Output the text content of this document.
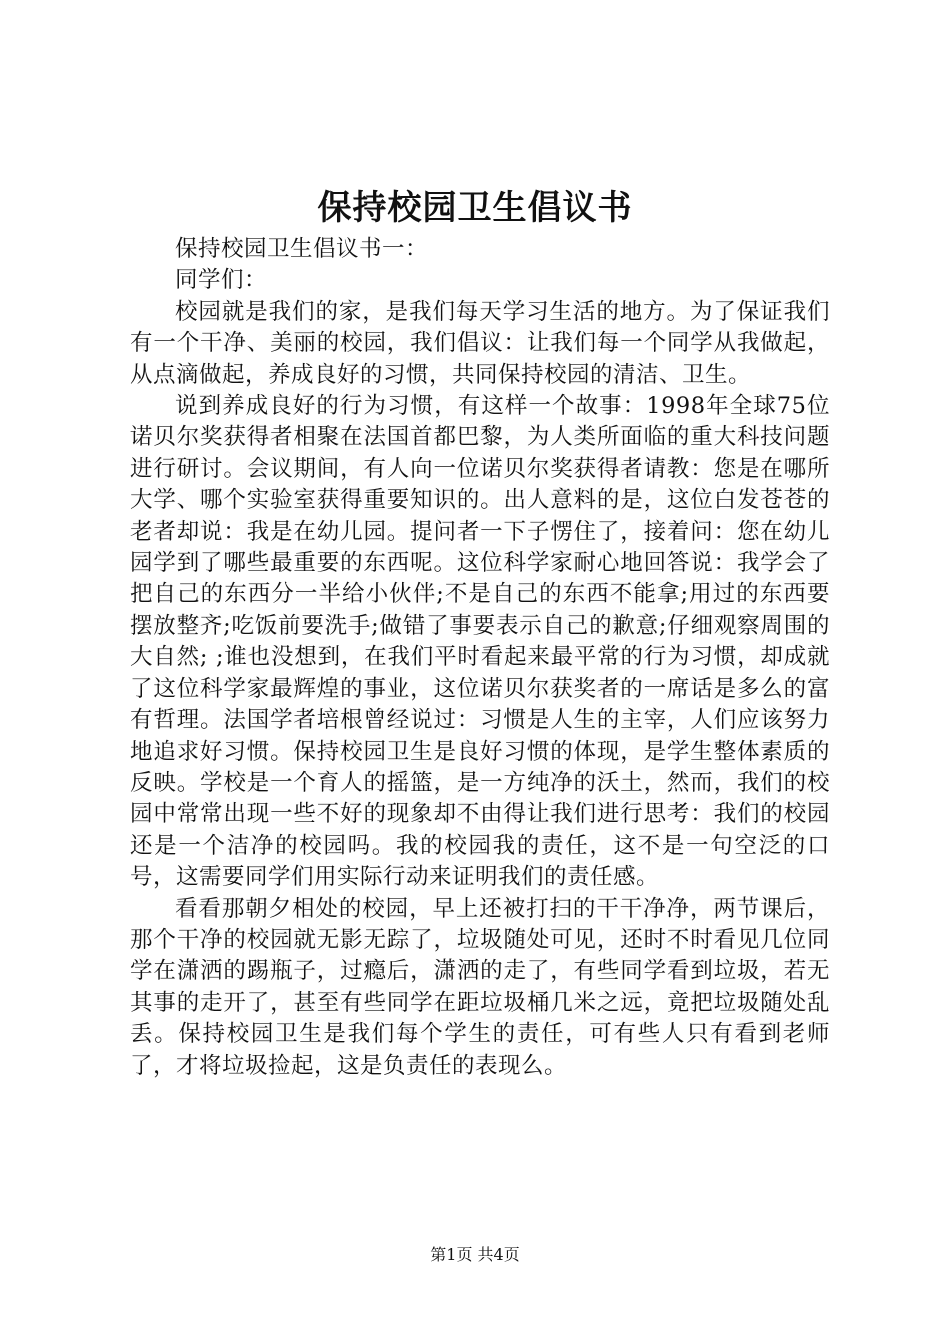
保持校园卫生倡议书

保持校园卫生倡议书一：

同学们：

校园就是我们的家，是我们每天学习生活的地方。为了保证我们有一个干净、美丽的校园，我们倡议：让我们每一个同学从我做起，从点滴做起，养成良好的习惯，共同保持校园的清洁、卫生。

说到养成良好的行为习惯，有这样一个故事：1998年全球75位诺贝尔奖获得者相聚在法国首都巴黎，为人类所面临的重大科技问题进行研讨。会议期间，有人向一位诺贝尔奖获得者请教：您是在哪所大学、哪个实验室获得重要知识的。出人意料的是，这位白发苍苍的老者却说：我是在幼儿园。提问者一下子愣住了，接着问：您在幼儿园学到了哪些最重要的东西呢。这位科学家耐心地回答说：我学会了把自己的东西分一半给小伙伴;不是自己的东西不能拿;用过的东西要摆放整齐;吃饭前要洗手;做错了事要表示自己的歉意;仔细观察周围的大自然; ;谁也没想到，在我们平时看起来最平常的行为习惯，却成就了这位科学家最辉煌的事业，这位诺贝尔获奖者的一席话是多么的富有哲理。法国学者培根曾经说过：习惯是人生的主宰，人们应该努力地追求好习惯。保持校园卫生是良好习惯的体现，是学生整体素质的反映。学校是一个育人的摇篮，是一方纯净的沃土，然而，我们的校园中常常出现一些不好的现象却不由得让我们进行思考：我们的校园还是一个洁净的校园吗。我的校园我的责任，这不是一句空泛的口号，这需要同学们用实际行动来证明我们的责任感。

看看那朝夕相处的校园，早上还被打扫的干干净净，两节课后，那个干净的校园就无影无踪了，垃圾随处可见，还时不时看见几位同学在潇洒的踢瓶子，过瘾后，潇洒的走了，有些同学看到垃圾，若无其事的走开了，甚至有些同学在距垃圾桶几米之远，竟把垃圾随处乱丢。保持校园卫生是我们每个学生的责任，可有些人只有看到老师了，才将垃圾捡起，这是负责任的表现么。

第1页 共4页
